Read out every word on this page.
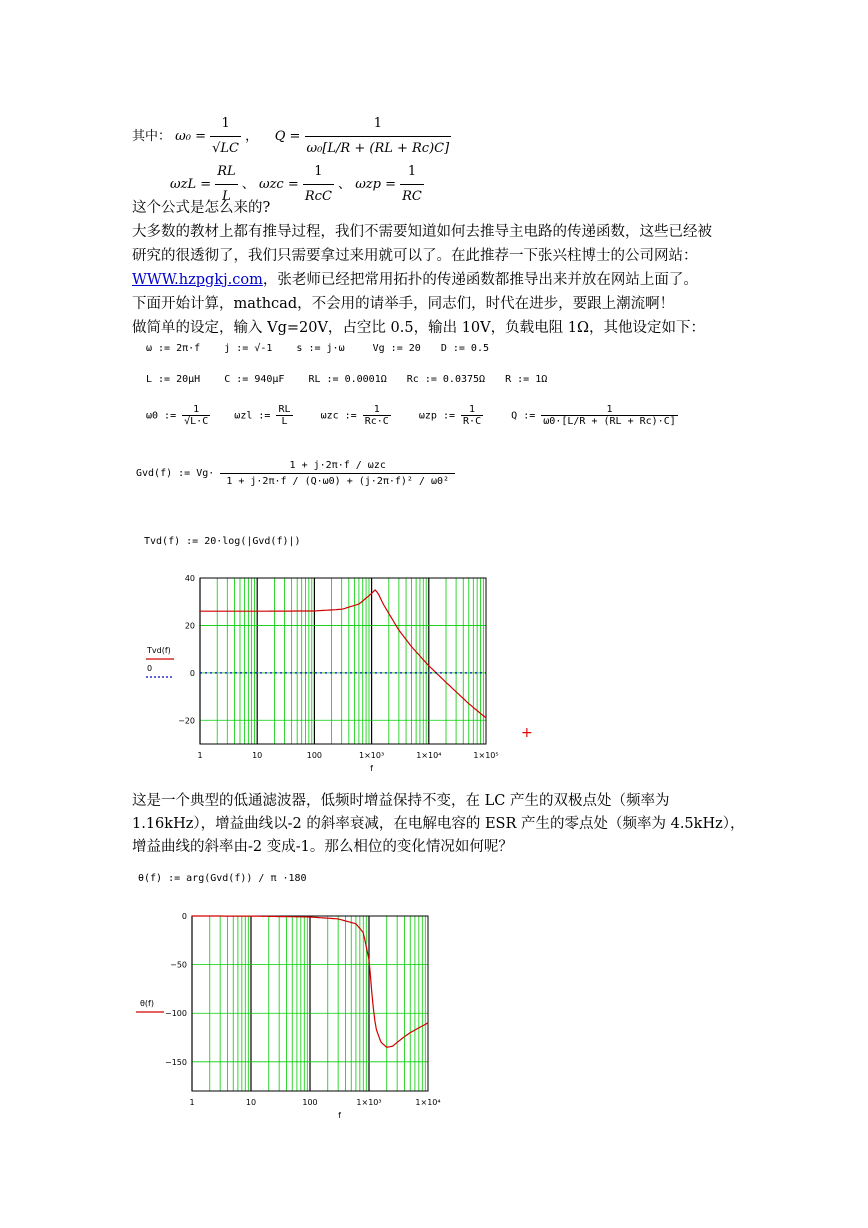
其中： $\omega_0 = \frac{1}{√LC}$ ， $Q = \frac{1}{\text{ω₀[L/R + (RL + Rc)C]}}$
$\omega zL = \frac{RL}{L}$ 、 $\omega zc = \frac{1}{\text{RcC}}$ 、 $\omega zp = \frac{1}{RC}$
这个公式是怎么来的?
大多数的教材上都有推导过程，我们不需要知道如何去推导主电路的传递函数，这些已经被
研究的很透彻了，我们只需要拿过来用就可以了。在此推荐一下张兴柱博士的公司网站：
WWW.hzpgkj.com，张老师已经把常用拓扑的传递函数都推导出来并放在网站上面了。
下面开始计算，mathcad，不会用的请举手，同志们，时代在进步，要跟上潮流啊！
做简单的设定，输入 Vg=20V，占空比 0.5，输出 10V，负载电阻 1Ω，其他设定如下：
ω := 2π·f j := √-1 s := j·ω	Vg := 20 D := 0.5
L := 20μH C := 940μF RL := 0.0001Ω Rc := 0.0375Ω R := 1Ω
ω0 := $\frac{1}{√L\cdot C}$ ωzl := $\frac{RL}{L}$	ωzc := $\frac{1}{Rc\cdot C}$	ωzp := $\frac{1}{R\cdot C}$	Q := $\frac{1}{\omega 0\cdot[L/R + (RL + Rc)\cdot C]}$
Gvd(f) := $Vg\cdot \frac{\text{1 + j·2π·f / ωzc}}{\text{1 + j·2π·f / (Q·ω0) + (j·2π·f)² / ω0²}}$
Tvd(f) := 20·log(|Gvd(f)|)
40
20
0
−20
1	10	100	1×10³	1×10⁴	1×10⁵
f
Tvd(f)
0
+
这是一个典型的低通滤波器，低频时增益保持不变，在 LC 产生的双极点处（频率为
1.16kHz），增益曲线以-2 的斜率衰减，在电解电容的 ESR 产生的零点处（频率为 4.5kHz），
增益曲线的斜率由-2 变成-1。那么相位的变化情况如何呢？
θ(f) := arg(Gvd(f)) / π ·180
0
−50
−100
−150
1	10	100	1×10³	1×10⁴
f
θ(f)
